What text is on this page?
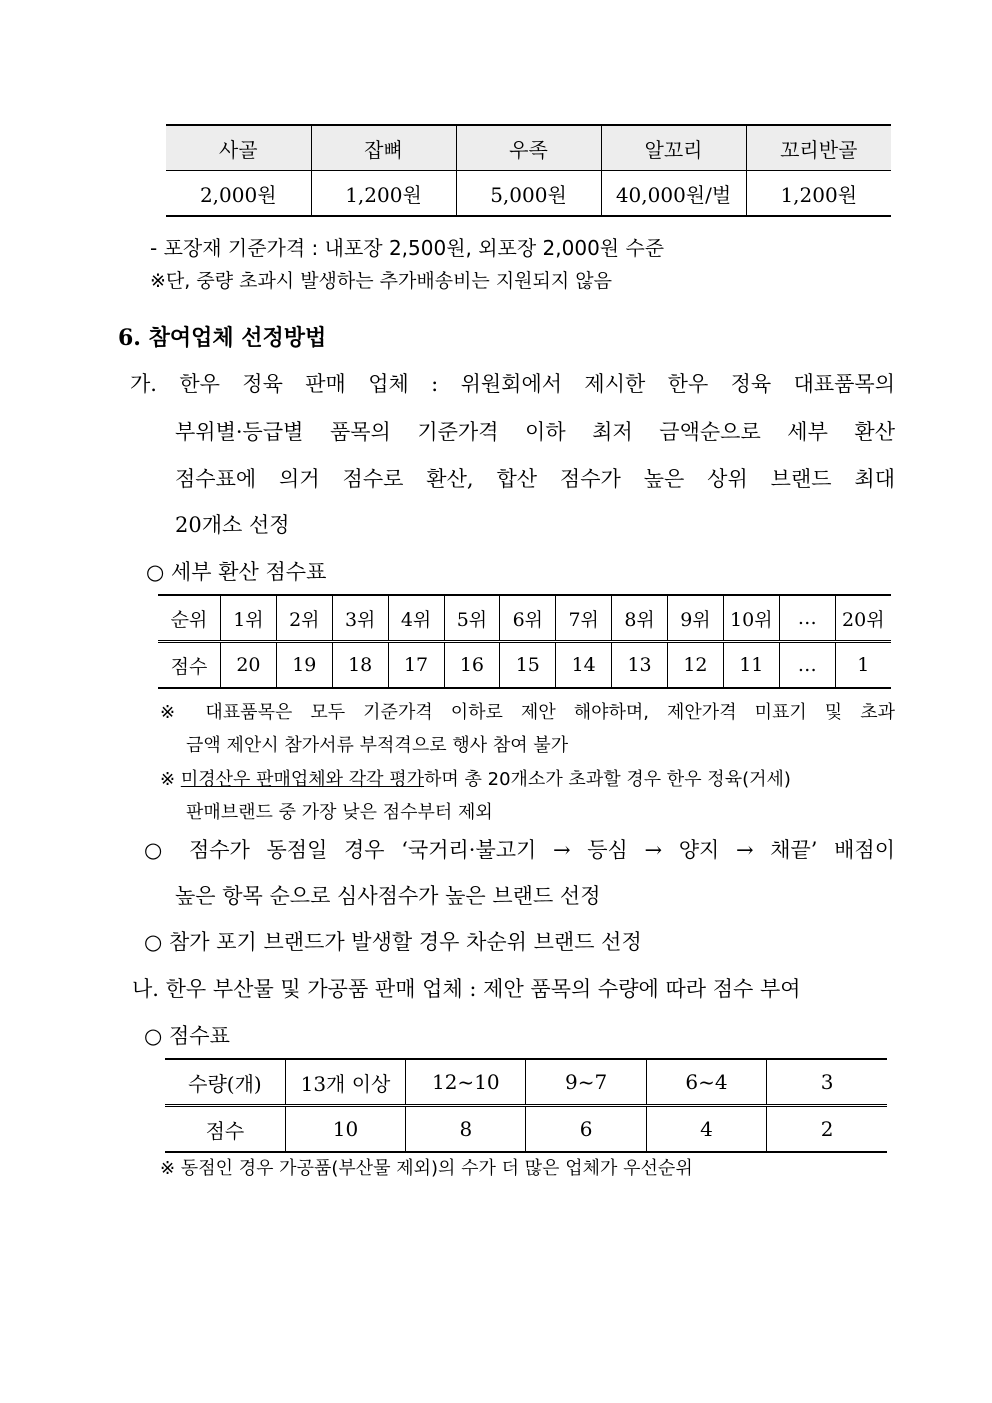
사골	잡뼈	우족	알꼬리	꼬리반골
2,000원	1,200원	5,000원	40,000원/벌	1,200원
- 포장재 기준가격 : 내포장 2,500원, 외포장 2,000원 수준
※단, 중량 초과시 발생하는 추가배송비는 지원되지 않음
6. 참여업체 선정방법
가. 한우 정육 판매 업체 : 위원회에서 제시한 한우 정육 대표품목의
부위별·등급별 품목의 기준가격 이하 최저 금액순으로 세부 환산
점수표에 의거 점수로 환산, 합산 점수가 높은 상위 브랜드 최대
20개소 선정
○ 세부 환산 점수표
순위	1위	2위	3위	4위	5위	6위	7위	8위	9위	10위	…	20위
점수	20	19	18	17	16	15	14	13	12	11	…	1
※ 대표품목은 모두 기준가격 이하로 제안 해야하며, 제안가격 미표기 및 초과
금액 제안시 참가서류 부적격으로 행사 참여 불가
※ 미경산우 판매업체와 각각 평가하며 총 20개소가 초과할 경우 한우 정육(거세)
판매브랜드 중 가장 낮은 점수부터 제외
○ 점수가 동점일 경우 ‘국거리·불고기 → 등심 → 양지 → 채끝’ 배점이
높은 항목 순으로 심사점수가 높은 브랜드 선정
○ 참가 포기 브랜드가 발생할 경우 차순위 브랜드 선정
나. 한우 부산물 및 가공품 판매 업체 : 제안 품목의 수량에 따라 점수 부여
○ 점수표
수량(개)	13개 이상	12~10	9~7	6~4	3
점수	10	8	6	4	2
※ 동점인 경우 가공품(부산물 제외)의 수가 더 많은 업체가 우선순위
